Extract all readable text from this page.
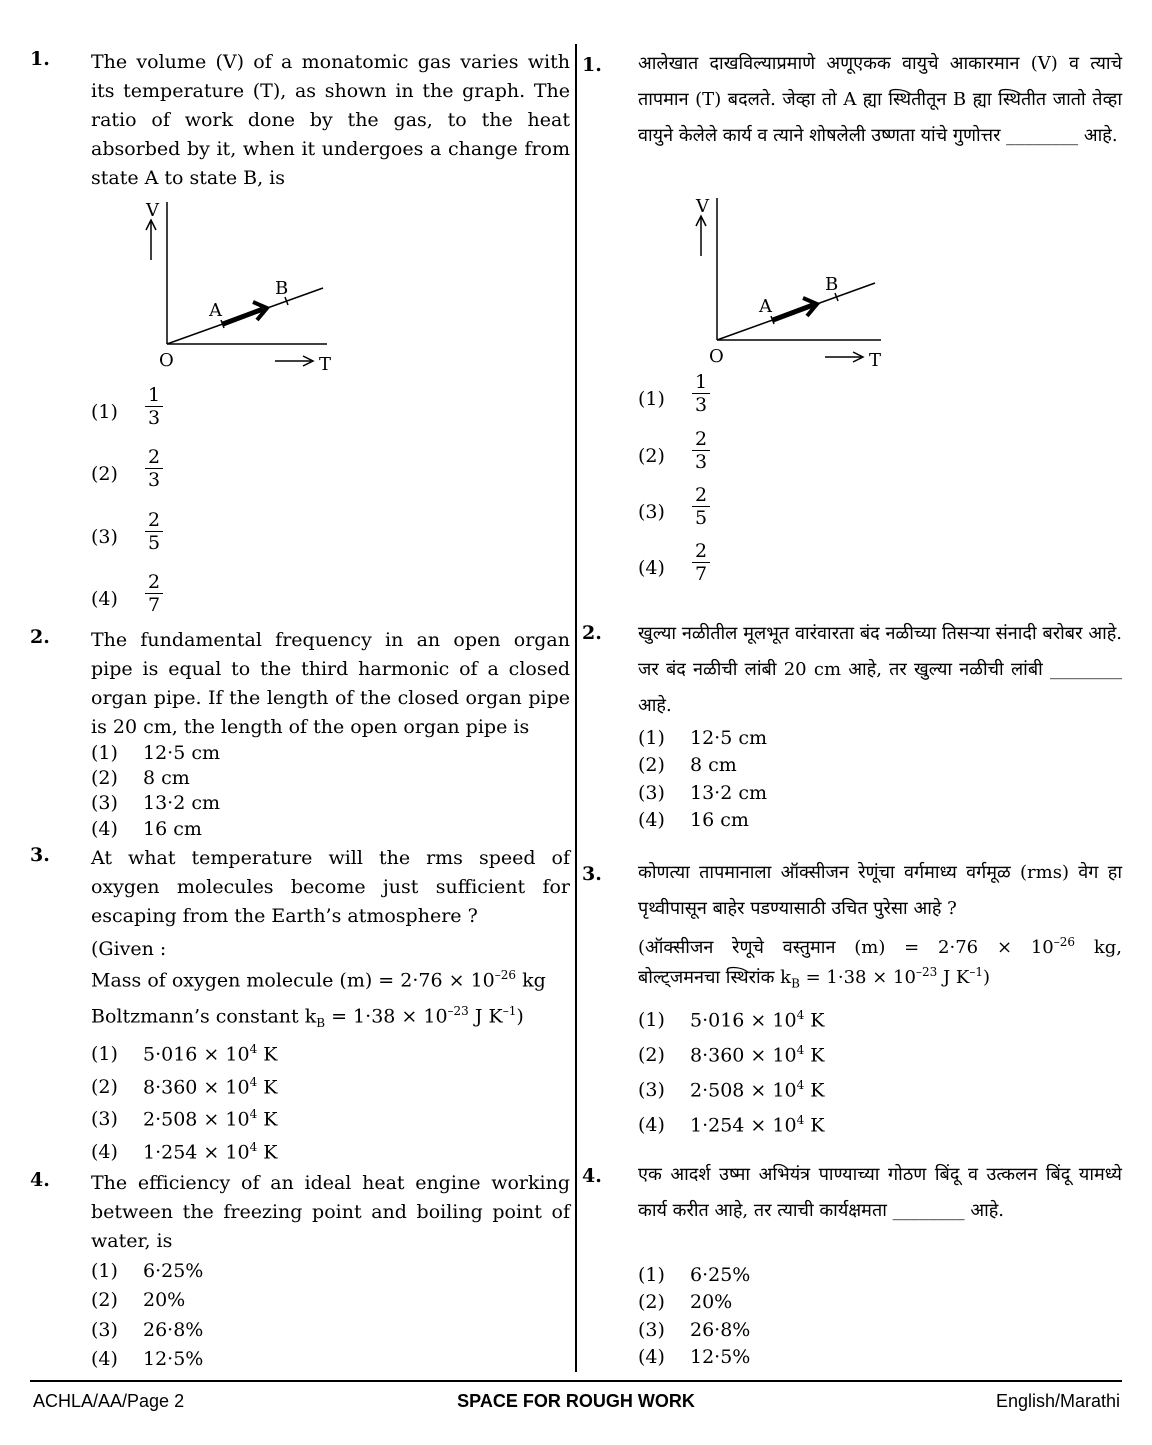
1. The volume (V) of a monatomic gas varies with its temperature (T), as shown in the graph. The ratio of work done by the gas, to the heat absorbed by it, when it undergoes a change from state A to state B, is
V
T
O
A
B
$(1) \frac{1}{3}$
$(2) \frac{2}{3}$
$(3) \frac{2}{5}$
$(4) \frac{2}{7}$
2. The fundamental frequency in an open organ pipe is equal to the third harmonic of a closed organ pipe. If the length of the closed organ pipe is 20 cm, the length of the open organ pipe is
(1) 12·5 cm
(2) 8 cm
(3) 13·2 cm
(4) 16 cm
3. At what temperature will the rms speed of oxygen molecules become just sufficient for escaping from the Earth’s atmosphere ?
(Given :
Mass of oxygen molecule $(m) = 2\cdot 76 \times 10^{-26}$ kg
Boltzmann’s constant $k_B = 1\cdot 38 \times 10^{-23}$ J $K^{-1}$)
(1) $5\cdot 016 \times 10^4$ K
(2) $8\cdot 360 \times 10^4$ K
(3) $2\cdot 508 \times 10^4$ K
(4) $1\cdot 254 \times 10^4$ K
4. The efficiency of an ideal heat engine working between the freezing point and boiling point of water, is
(1) 6·25%
(2) 20%
(3) 26·8%
(4) 12·5%
1. आलेखात दाखविल्याप्रमाणे अणूएकक वायुचे आकारमान (V) व त्याचे तापमान (T) बदलते. जेव्हा तो A ह्या स्थितीतून B ह्या स्थितीत जातो तेव्हा वायुने केलेले कार्य व त्याने शोषलेली उष्णता यांचे गुणोत्तर ________ आहे.
V
T
O
A
B
$(1) \frac{1}{3}$
$(2) \frac{2}{3}$
$(3) \frac{2}{5}$
$(4) \frac{2}{7}$
2. खुल्या नळीतील मूलभूत वारंवारता बंद नळीच्या तिसऱ्या संनादी बरोबर आहे. जर बंद नळीची लांबी 20 cm आहे, तर खुल्या नळीची लांबी ________ आहे.
(1) 12·5 cm
(2) 8 cm
(3) 13·2 cm
(4) 16 cm
3. कोणत्या तापमानाला ऑक्सीजन रेणूंचा वर्गमाध्य वर्गमूळ (rms) वेग हा पृथ्वीपासून बाहेर पडण्यासाठी उचित पुरेसा आहे ?
(ऑक्सीजन रेणूचे वस्तुमान $(m) = 2\cdot 76 \times 10^{-26}$ kg,
बोल्ट्‌जमनचा स्थिरांक $k_B = 1\cdot 38 \times 10^{-23}$ J $K^{-1}$)
(1) $5\cdot 016 \times 10^4$ K
(2) $8\cdot 360 \times 10^4$ K
(3) $2\cdot 508 \times 10^4$ K
(4) $1\cdot 254 \times 10^4$ K
4. एक आदर्श उष्मा अभियंत्र पाण्याच्या गोठण बिंदू व उत्कलन बिंदू यामध्ये कार्य करीत आहे, तर त्याची कार्यक्षमता ________ आहे.
(1) 6·25%
(2) 20%
(3) 26·8%
(4) 12·5%
ACHLA/AA/Page 2	SPACE FOR ROUGH WORK	English/Marathi
